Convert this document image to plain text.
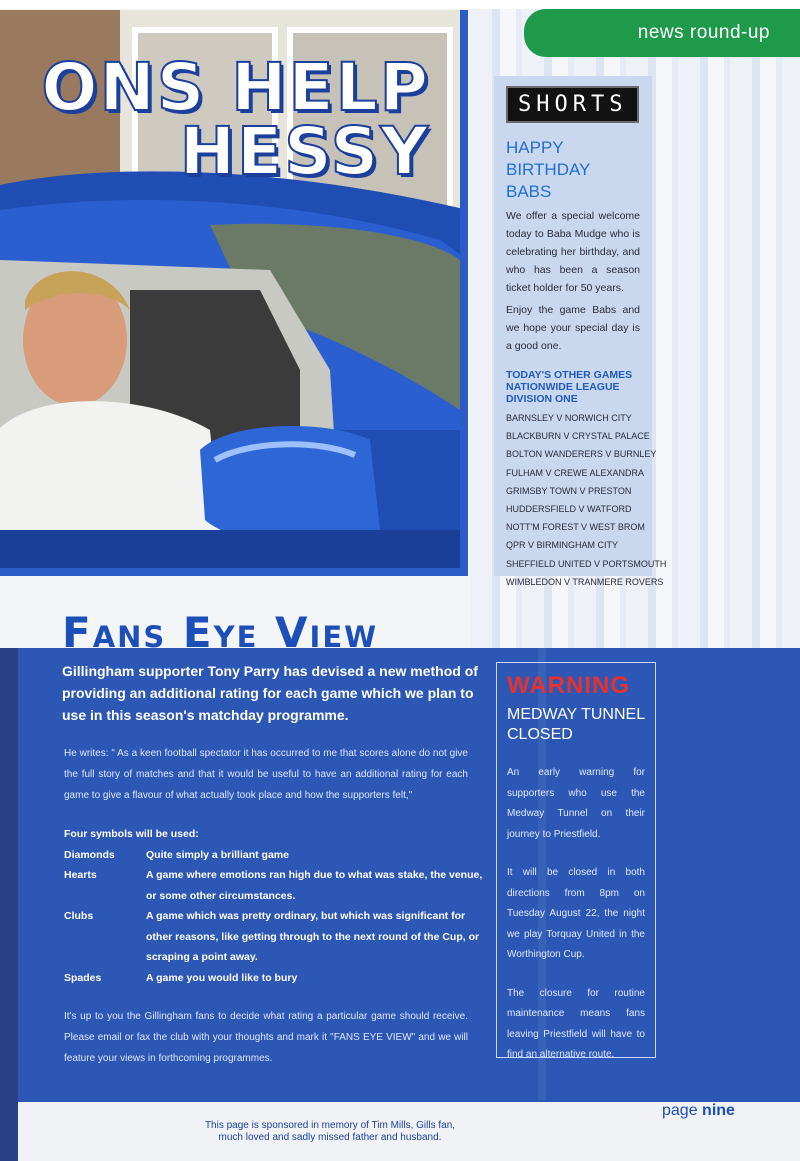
news round-up
ONS HELP
HESSY
SHORTS
HAPPY BIRTHDAY BABS

We offer a special welcome today to Baba Mudge who is celebrating her birthday, and who has been a season ticket holder for 50 years.

Enjoy the game Babs and we hope your special day is a good one.

TODAY'S OTHER GAMES NATIONWIDE LEAGUE DIVISION ONE
BARNSLEY V NORWICH CITY
BLACKBURN V CRYSTAL PALACE
BOLTON WANDERERS V BURNLEY
FULHAM V CREWE ALEXANDRA
GRIMSBY TOWN V PRESTON
HUDDERSFIELD V WATFORD
NOTT'M FOREST V WEST BROM
QPR V BIRMINGHAM CITY
SHEFFIELD UNITED V PORTSMOUTH
WIMBLEDON V TRANMERE ROVERS
Fans Eye View
Gillingham supporter Tony Parry has devised a new method of providing an additional rating for each game which we plan to use in this season's matchday programme.
He writes: " As a keen football spectator it has occurred to me that scores alone do not give the full story of matches and that it would be useful to have an additional rating for each game to give a flavour of what actually took place and how the supporters felt,"
Four symbols will be used:
Diamonds	Quite simply a brilliant game
Hearts	A game where emotions ran high due to what was stake, the venue, or some other circumstances.
Clubs	A game which was pretty ordinary, but which was significant for other reasons, like getting through to the next round of the Cup, or scraping a point away.
Spades	A game you would like to bury
It's up to you the Gillingham fans to decide what rating a particular game should receive. Please email or fax the club with your thoughts and mark it "FANS EYE VIEW" and we will feature your views in forthcoming programmes.
WARNING
MEDWAY TUNNEL CLOSED

An early warning for supporters who use the Medway Tunnel on their journey to Priestfield.

It will be closed in both directions from 8pm on Tuesday August 22, the night we play Torquay United in the Worthington Cup.

The closure for routine maintenance means fans leaving Priestfield will have to find an alternative route.

This page is sponsored in memory of Tim Mills, Gills fan,
much loved and sadly missed father and husband.
page nine
